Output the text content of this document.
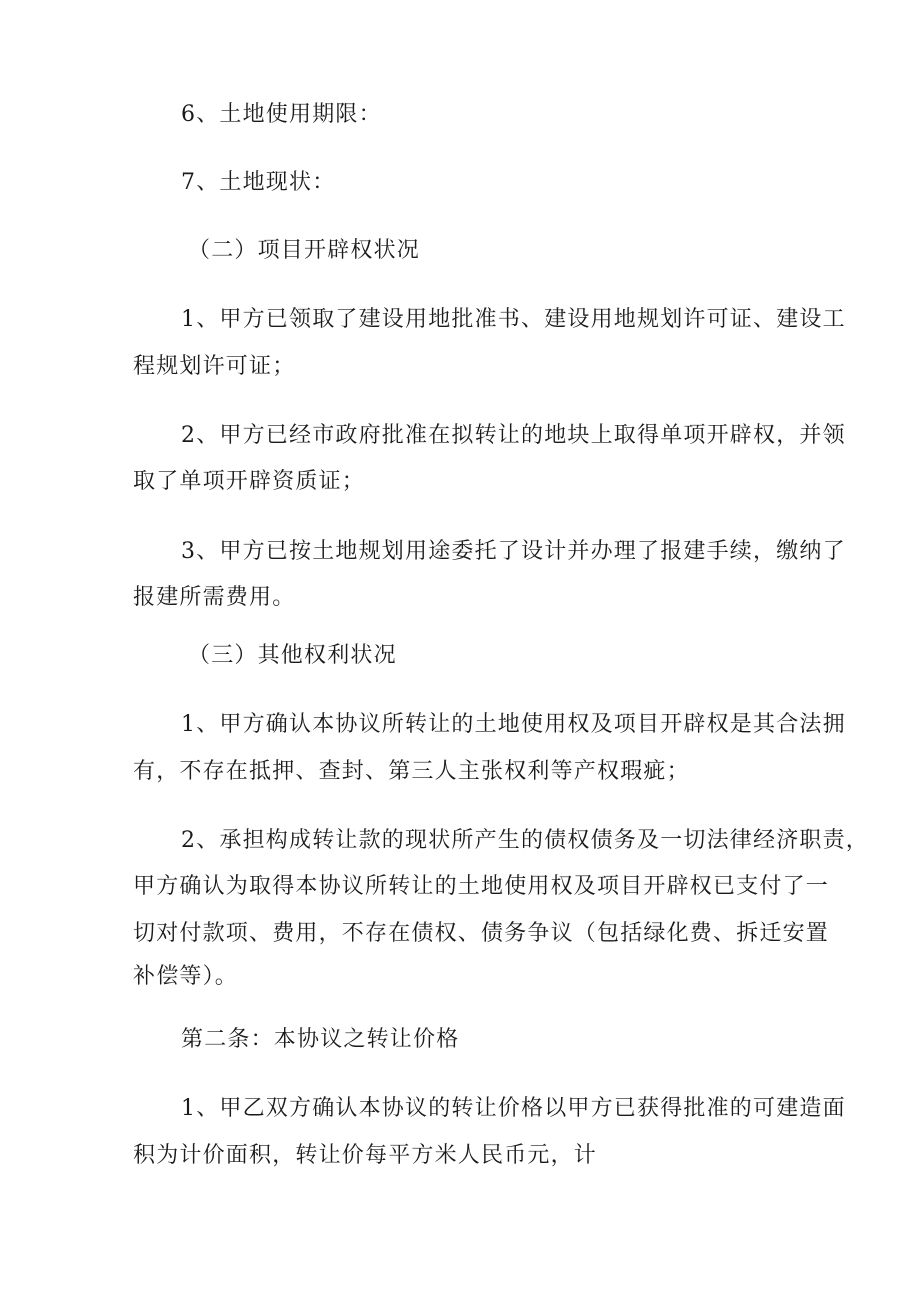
6、土地使用期限：
7、土地现状：
（二）项目开辟权状况
1、甲方已领取了建设用地批准书、建设用地规划许可证、建设工
程规划许可证；
2、甲方已经市政府批准在拟转让的地块上取得单项开辟权，并领
取了单项开辟资质证；
3、甲方已按土地规划用途委托了设计并办理了报建手续，缴纳了
报建所需费用。
（三）其他权利状况
1、甲方确认本协议所转让的土地使用权及项目开辟权是其合法拥
有，不存在抵押、查封、第三人主张权利等产权瑕疵；
2、承担构成转让款的现状所产生的债权债务及一切法律经济职责，
甲方确认为取得本协议所转让的土地使用权及项目开辟权已支付了一
切对付款项、费用，不存在债权、债务争议（包括绿化费、拆迁安置
补偿等）。
第二条：本协议之转让价格
1、甲乙双方确认本协议的转让价格以甲方已获得批准的可建造面
积为计价面积，转让价每平方米人民币元，计
